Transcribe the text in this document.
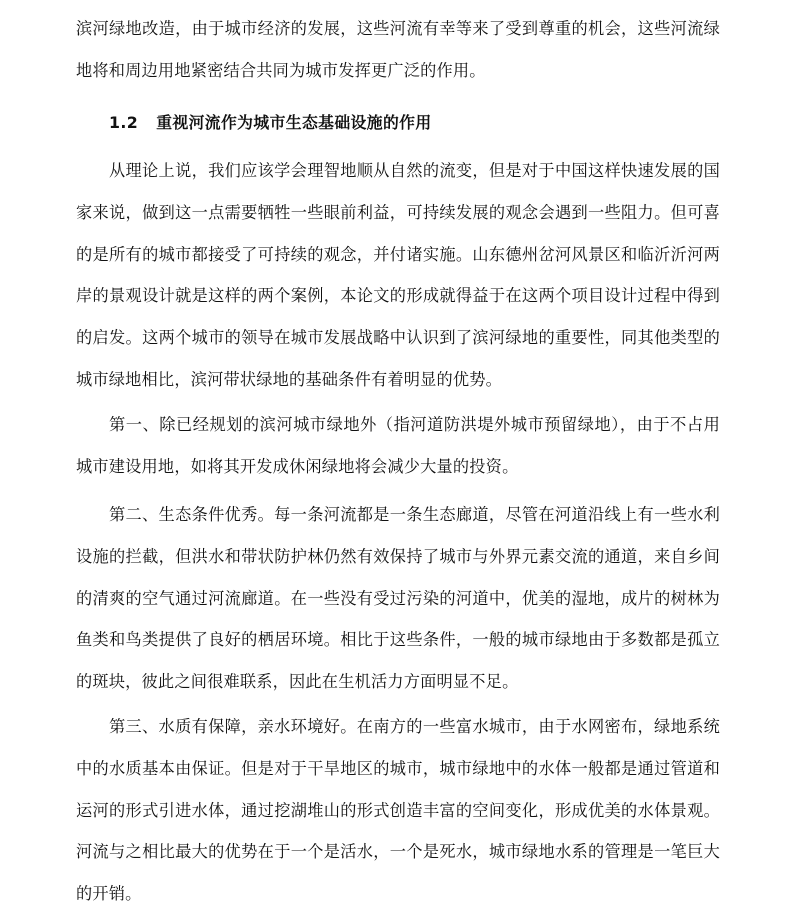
滨河绿地改造，由于城市经济的发展，这些河流有幸等来了受到尊重的机会，这些河流绿地将和周边用地紧密结合共同为城市发挥更广泛的作用。

1.2 重视河流作为城市生态基础设施的作用

从理论上说，我们应该学会理智地顺从自然的流变，但是对于中国这样快速发展的国家来说，做到这一点需要牺牲一些眼前利益，可持续发展的观念会遇到一些阻力。但可喜的是所有的城市都接受了可持续的观念，并付诸实施。山东德州岔河风景区和临沂沂河两岸的景观设计就是这样的两个案例，本论文的形成就得益于在这两个项目设计过程中得到的启发。这两个城市的领导在城市发展战略中认识到了滨河绿地的重要性，同其他类型的城市绿地相比，滨河带状绿地的基础条件有着明显的优势。

第一、除已经规划的滨河城市绿地外（指河道防洪堤外城市预留绿地），由于不占用城市建设用地，如将其开发成休闲绿地将会减少大量的投资。

第二、生态条件优秀。每一条河流都是一条生态廊道，尽管在河道沿线上有一些水利设施的拦截，但洪水和带状防护林仍然有效保持了城市与外界元素交流的通道，来自乡间的清爽的空气通过河流廊道。在一些没有受过污染的河道中，优美的湿地，成片的树林为鱼类和鸟类提供了良好的栖居环境。相比于这些条件，一般的城市绿地由于多数都是孤立的斑块，彼此之间很难联系，因此在生机活力方面明显不足。

第三、水质有保障，亲水环境好。在南方的一些富水城市，由于水网密布，绿地系统中的水质基本由保证。但是对于干旱地区的城市，城市绿地中的水体一般都是通过管道和运河的形式引进水体，通过挖湖堆山的形式创造丰富的空间变化，形成优美的水体景观。河流与之相比最大的优势在于一个是活水，一个是死水，城市绿地水系的管理是一笔巨大的开销。
